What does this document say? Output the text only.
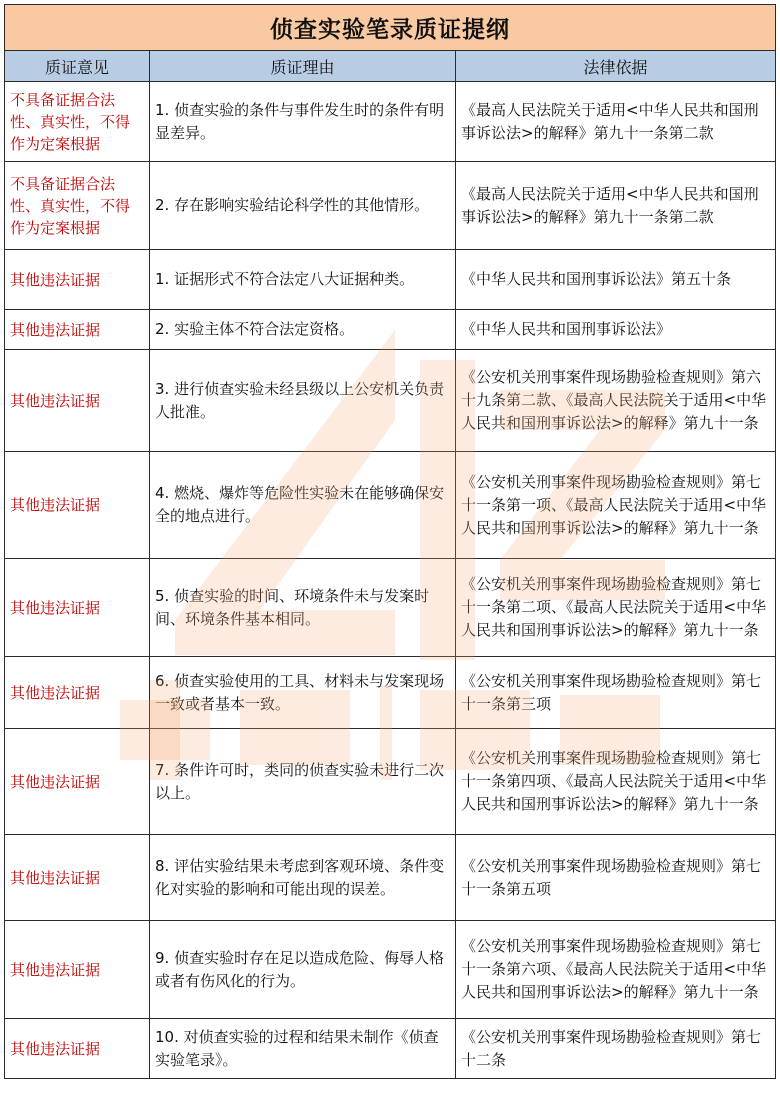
侦查实验笔录质证提纲		
质证意见	质证理由	法律依据
不具备证据合法性、真实性，不得作为定案根据	1. 侦查实验的条件与事件发生时的条件有明显差异。	《最高人民法院关于适用<中华人民共和国刑事诉讼法>的解释》第九十一条第二款
不具备证据合法性、真实性，不得作为定案根据	2. 存在影响实验结论科学性的其他情形。	《最高人民法院关于适用<中华人民共和国刑事诉讼法>的解释》第九十一条第二款
其他违法证据	1. 证据形式不符合法定八大证据种类。	《中华人民共和国刑事诉讼法》第五十条
其他违法证据	2. 实验主体不符合法定资格。	《中华人民共和国刑事诉讼法》
其他违法证据	3. 进行侦查实验未经县级以上公安机关负责人批准。	《公安机关刑事案件现场勘验检查规则》第六十九条第二款、《最高人民法院关于适用<中华人民共和国刑事诉讼法>的解释》第九十一条
其他违法证据	4. 燃烧、爆炸等危险性实验未在能够确保安全的地点进行。	《公安机关刑事案件现场勘验检查规则》第七十一条第一项、《最高人民法院关于适用<中华人民共和国刑事诉讼法>的解释》第九十一条
其他违法证据	5. 侦查实验的时间、环境条件未与发案时间、环境条件基本相同。	《公安机关刑事案件现场勘验检查规则》第七十一条第二项、《最高人民法院关于适用<中华人民共和国刑事诉讼法>的解释》第九十一条
其他违法证据	6. 侦查实验使用的工具、材料未与发案现场一致或者基本一致。	《公安机关刑事案件现场勘验检查规则》第七十一条第三项
其他违法证据	7. 条件许可时，类同的侦查实验未进行二次以上。	《公安机关刑事案件现场勘验检查规则》第七十一条第四项、《最高人民法院关于适用<中华人民共和国刑事诉讼法>的解释》第九十一条
其他违法证据	8. 评估实验结果未考虑到客观环境、条件变化对实验的影响和可能出现的误差。	《公安机关刑事案件现场勘验检查规则》第七十一条第五项
其他违法证据	9. 侦查实验时存在足以造成危险、侮辱人格或者有伤风化的行为。	《公安机关刑事案件现场勘验检查规则》第七十一条第六项、《最高人民法院关于适用<中华人民共和国刑事诉讼法>的解释》第九十一条
其他违法证据	10. 对侦查实验的过程和结果未制作《侦查实验笔录》。	《公安机关刑事案件现场勘验检查规则》第七十二条
